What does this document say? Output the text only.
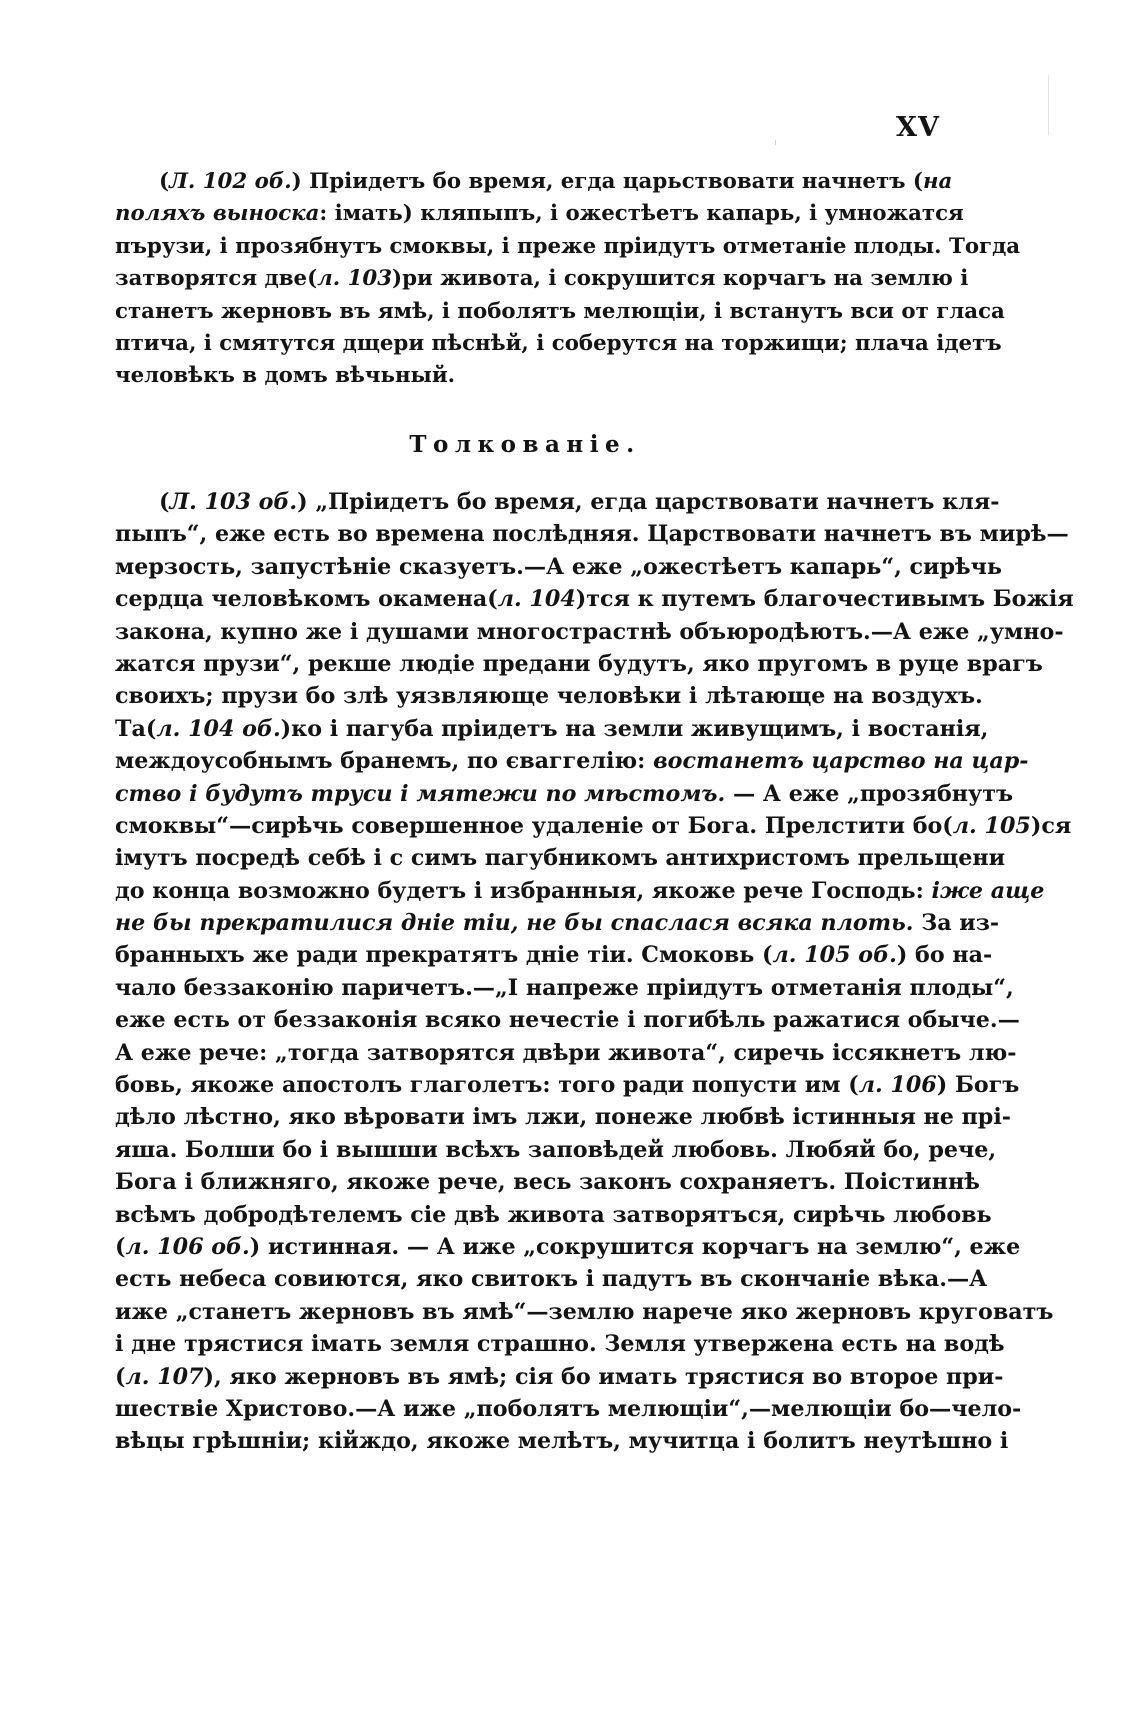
XV
(Л. 102 об.) Пріидетъ бо время, егда царьствовати начнетъ (на
поляхъ выноска: імать) кляпыпъ, і ожестѣетъ капарь, і умножатся
пърузи, і прозябнутъ смоквы, і преже пріидутъ отметаніе плоды. Тогда
затворятся две(л. 103)ри живота, і сокрушится корчагъ на землю і
станетъ жерновъ въ ямѣ, і поболятъ мелющіи, і встанутъ вси от гласа
птича, і смятутся дщери пѣснѣй, і соберутся на торжищи; плача ідетъ
человѣкъ в домъ вѣчьный.
Толкованіе.
(Л. 103 об.) „Пріидетъ бо время, егда царствовати начнетъ кля-
пыпъ“, еже есть во времена послѣдняя. Царствовати начнетъ въ мирѣ—
мерзость, запустѣніе сказуетъ.—А еже „ожестѣетъ капарь“, сирѣчь
сердца человѣкомъ окамена(л. 104)тся к путемъ благочестивымъ Божія
закона, купно же і душами многострастнѣ объюродѣютъ.—А еже „умно-
жатся прузи“, рекше людіе предани будутъ, яко пругомъ в руце врагъ
своихъ; прузи бо злѣ уязвляюще человѣки і лѣтающе на воздухъ.
Та(л. 104 об.)ко і пагуба пріидетъ на земли живущимъ, і востанія,
междоусобнымъ бранемъ, по єваггелію: востанетъ царство на цар-
ство і будутъ труси і мятежи по мѣстомъ. — А еже „прозябнутъ
смоквы“—сирѣчь совершенное удаленіе от Бога. Прелстити бо(л. 105)ся
імутъ посредѣ себѣ і с симъ пагубникомъ антихристомъ прельщени
до конца возможно будетъ і избранныя, якоже рече Господь: іже аще
не бы прекратилися дніе тіи, не бы спаслася всяка плоть. За из-
бранныхъ же ради прекратятъ дніе тіи. Смоковь (л. 105 об.) бо на-
чало беззаконію паричетъ.—„І напреже пріидутъ отметанія плоды“,
еже есть от беззаконія всяко нечестіе і погибѣль ражатися обыче.—
А еже рече: „тогда затворятся двѣри живота“, сиречь іссякнетъ лю-
бовь, якоже апостолъ глаголетъ: того ради попусти им (л. 106) Богъ
дѣло лѣстно, яко вѣровати імъ лжи, понеже любвѣ істинныя не прі-
яша. Болши бо і вышши всѣхъ заповѣдей любовь. Любяй бо, рече,
Бога і ближняго, якоже рече, весь законъ сохраняетъ. Поістиннѣ
всѣмъ добродѣтелемъ сіе двѣ живота затворятъся, сирѣчь любовь
(л. 106 об.) истинная. — А иже „сокрушится корчагъ на землю“, еже
есть небеса совиются, яко свитокъ і падутъ въ скончаніе вѣка.—А
иже „станетъ жерновъ въ ямѣ“—землю нарече яко жерновъ круговатъ
і дне трястися імать земля страшно. Земля утвержена есть на водѣ
(л. 107), яко жерновъ въ ямѣ; сія бо имать трястися во второе при-
шествіе Христово.—А иже „поболятъ мелющіи“,—мелющіи бо—чело-
вѣцы грѣшніи; кійждо, якоже мелѣтъ, мучитца і болитъ неутѣшно і
